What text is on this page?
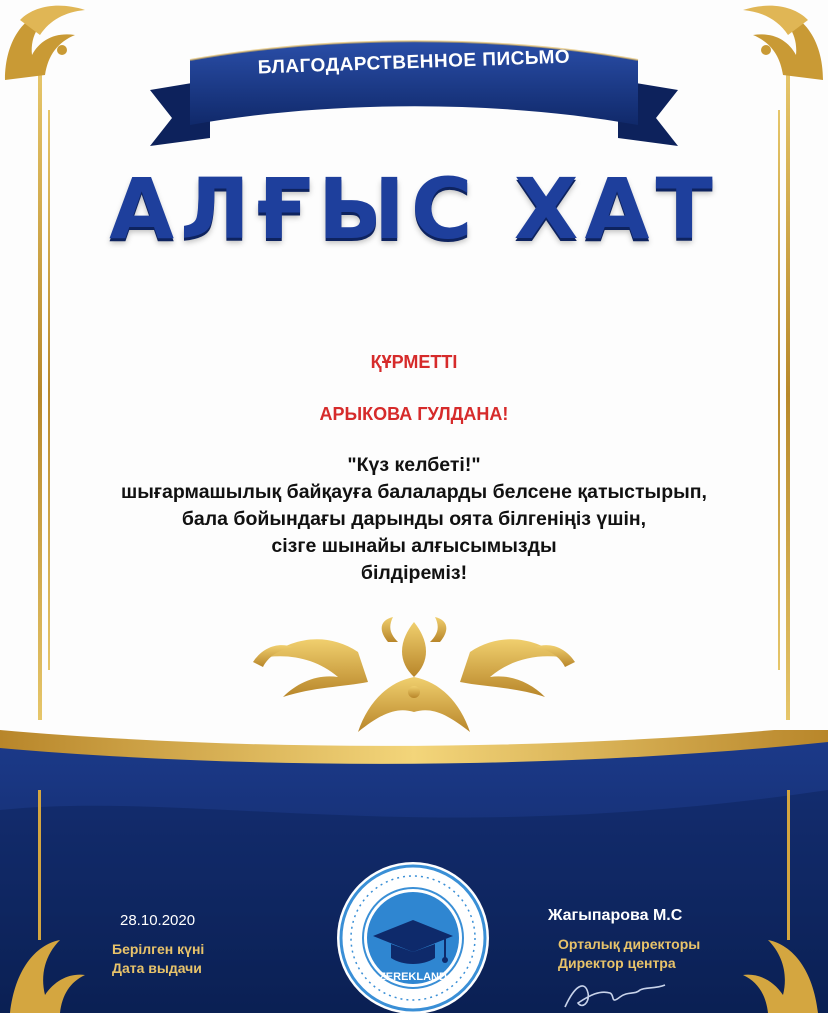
БЛАГОДАРСТВЕННОЕ ПИСЬМО
АЛҒЫС ХАТ
ҚҰРМЕТТІ
АРЫКОВА ГУЛДАНА!
"Күз келбеті!"
шығармашылық байқауға балаларды белсене қатыстырып,
бала бойындағы дарынды оята білгеніңіз үшін,
сізге шынайы алғысымызды
білдіреміз!
28.10.2020
Берілген күні
Дата выдачи
ZEREKLAND
Жагыпарова М.С
Орталық директоры
Директор центра
